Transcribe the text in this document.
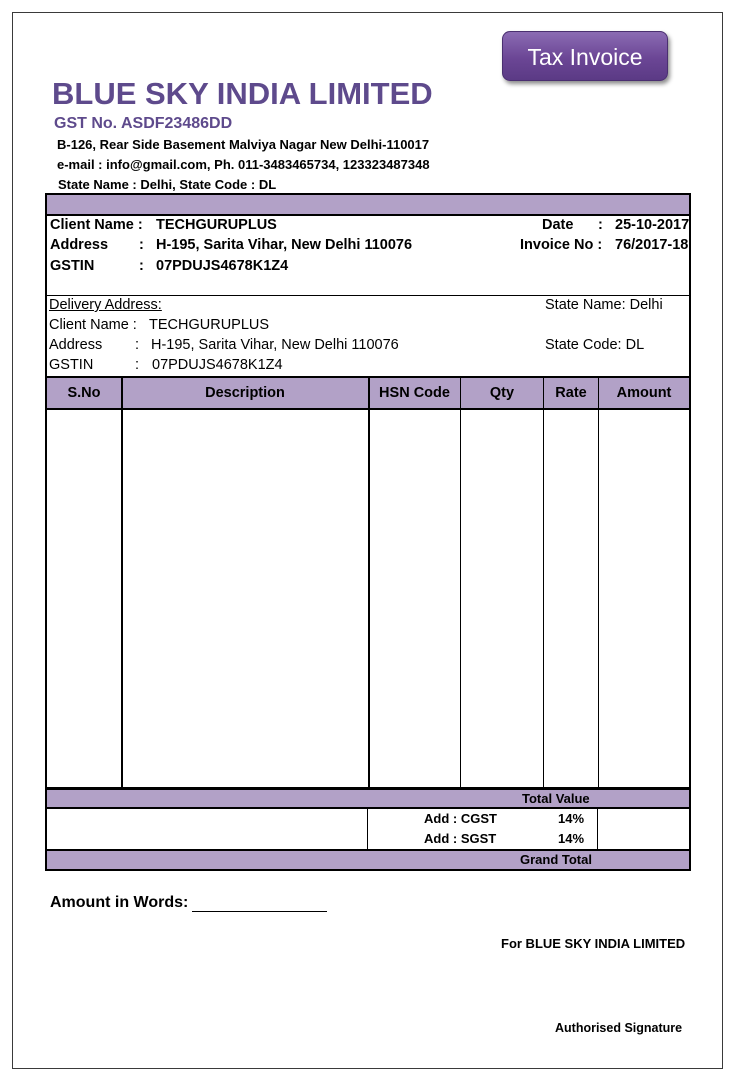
Tax Invoice
BLUE SKY INDIA LIMITED
GST No. ASDF23486DD
B-126, Rear Side Basement Malviya Nagar New Delhi-110017
e-mail : info@gmail.com, Ph. 011-3483465734, 123323487348
State Name : Delhi, State Code : DL
Client Name : TECHGURUPLUS
Address : H-195, Sarita Vihar, New Delhi 110076
GSTIN	: 07PDUJS4678K1Z4
Date : 25-10-2017
Invoice No : 76/2017-18
Delivery Address:
Client Name : TECHGURUPLUS
Address : H-195, Sarita Vihar, New Delhi 110076
GSTIN	: 07PDUJS4678K1Z4
State Name: Delhi
State Code: DL
S.No	Description	HSN Code	Qty	Rate	Amount
Total Value
Add : CGST	14%
Add : SGST	14%
Grand Total
Amount in Words:
For BLUE SKY INDIA LIMITED
Authorised Signature
